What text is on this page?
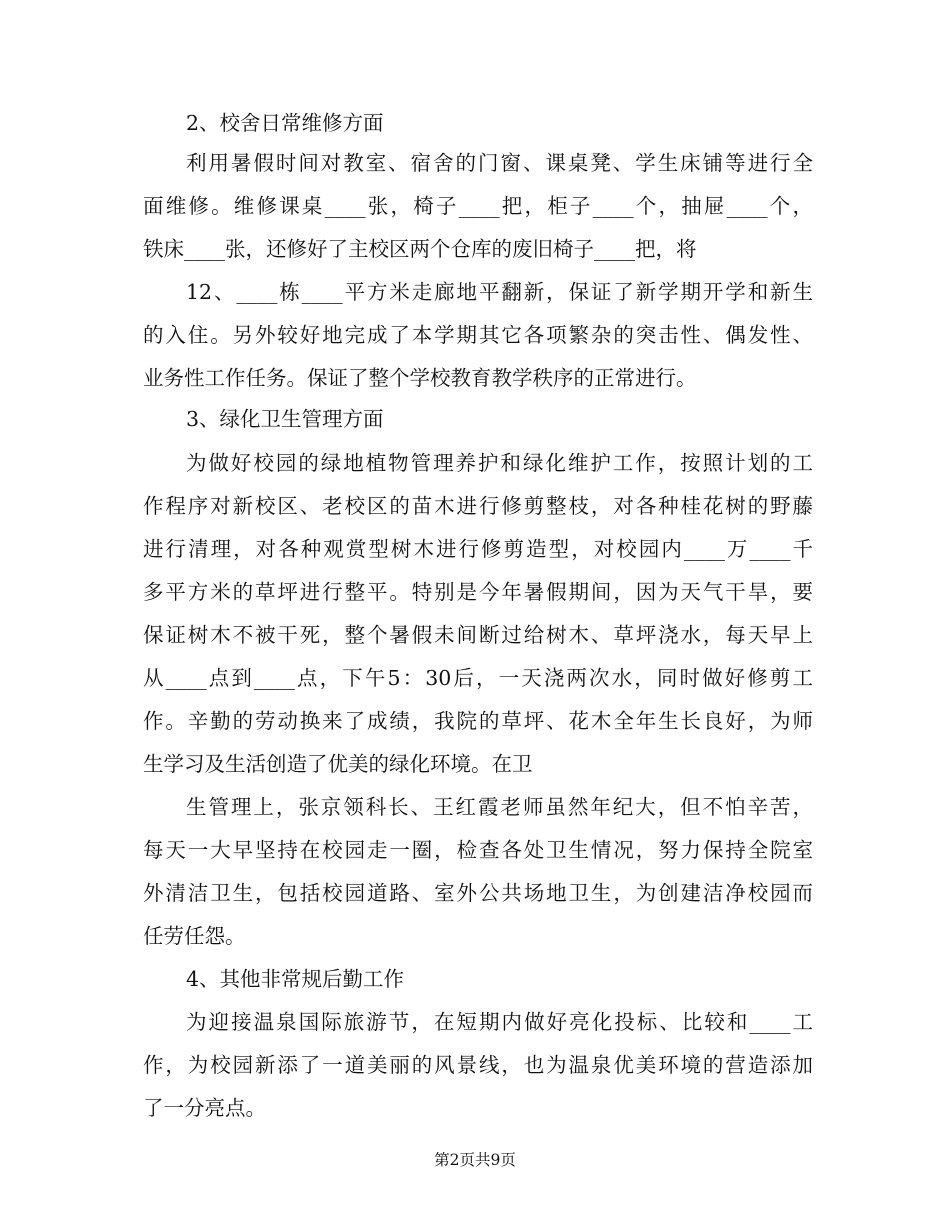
2、校舍日常维修方面
利用暑假时间对教室、宿舍的门窗、课桌凳、学生床铺等进行全
面维修。维修课桌____张，椅子____把，柜子____个，抽屉____个，
铁床____张，还修好了主校区两个仓库的废旧椅子____把，将
12、____栋____平方米走廊地平翻新，保证了新学期开学和新生
的入住。另外较好地完成了本学期其它各项繁杂的突击性、偶发性、
业务性工作任务。保证了整个学校教育教学秩序的正常进行。
3、绿化卫生管理方面
为做好校园的绿地植物管理养护和绿化维护工作，按照计划的工
作程序对新校区、老校区的苗木进行修剪整枝，对各种桂花树的野藤
进行清理，对各种观赏型树木进行修剪造型，对校园内____万____千
多平方米的草坪进行整平。特别是今年暑假期间，因为天气干旱，要
保证树木不被干死，整个暑假未间断过给树木、草坪浇水，每天早上
从____点到____点，下午5：30后，一天浇两次水，同时做好修剪工
作。辛勤的劳动换来了成绩，我院的草坪、花木全年生长良好，为师
生学习及生活创造了优美的绿化环境。在卫
生管理上，张京领科长、王红霞老师虽然年纪大，但不怕辛苦，
每天一大早坚持在校园走一圈，检查各处卫生情况，努力保持全院室
外清洁卫生，包括校园道路、室外公共场地卫生，为创建洁净校园而
任劳任怨。
4、其他非常规后勤工作
为迎接温泉国际旅游节，在短期内做好亮化投标、比较和____工
作，为校园新添了一道美丽的风景线，也为温泉优美环境的营造添加
了一分亮点。
第2页共9页
